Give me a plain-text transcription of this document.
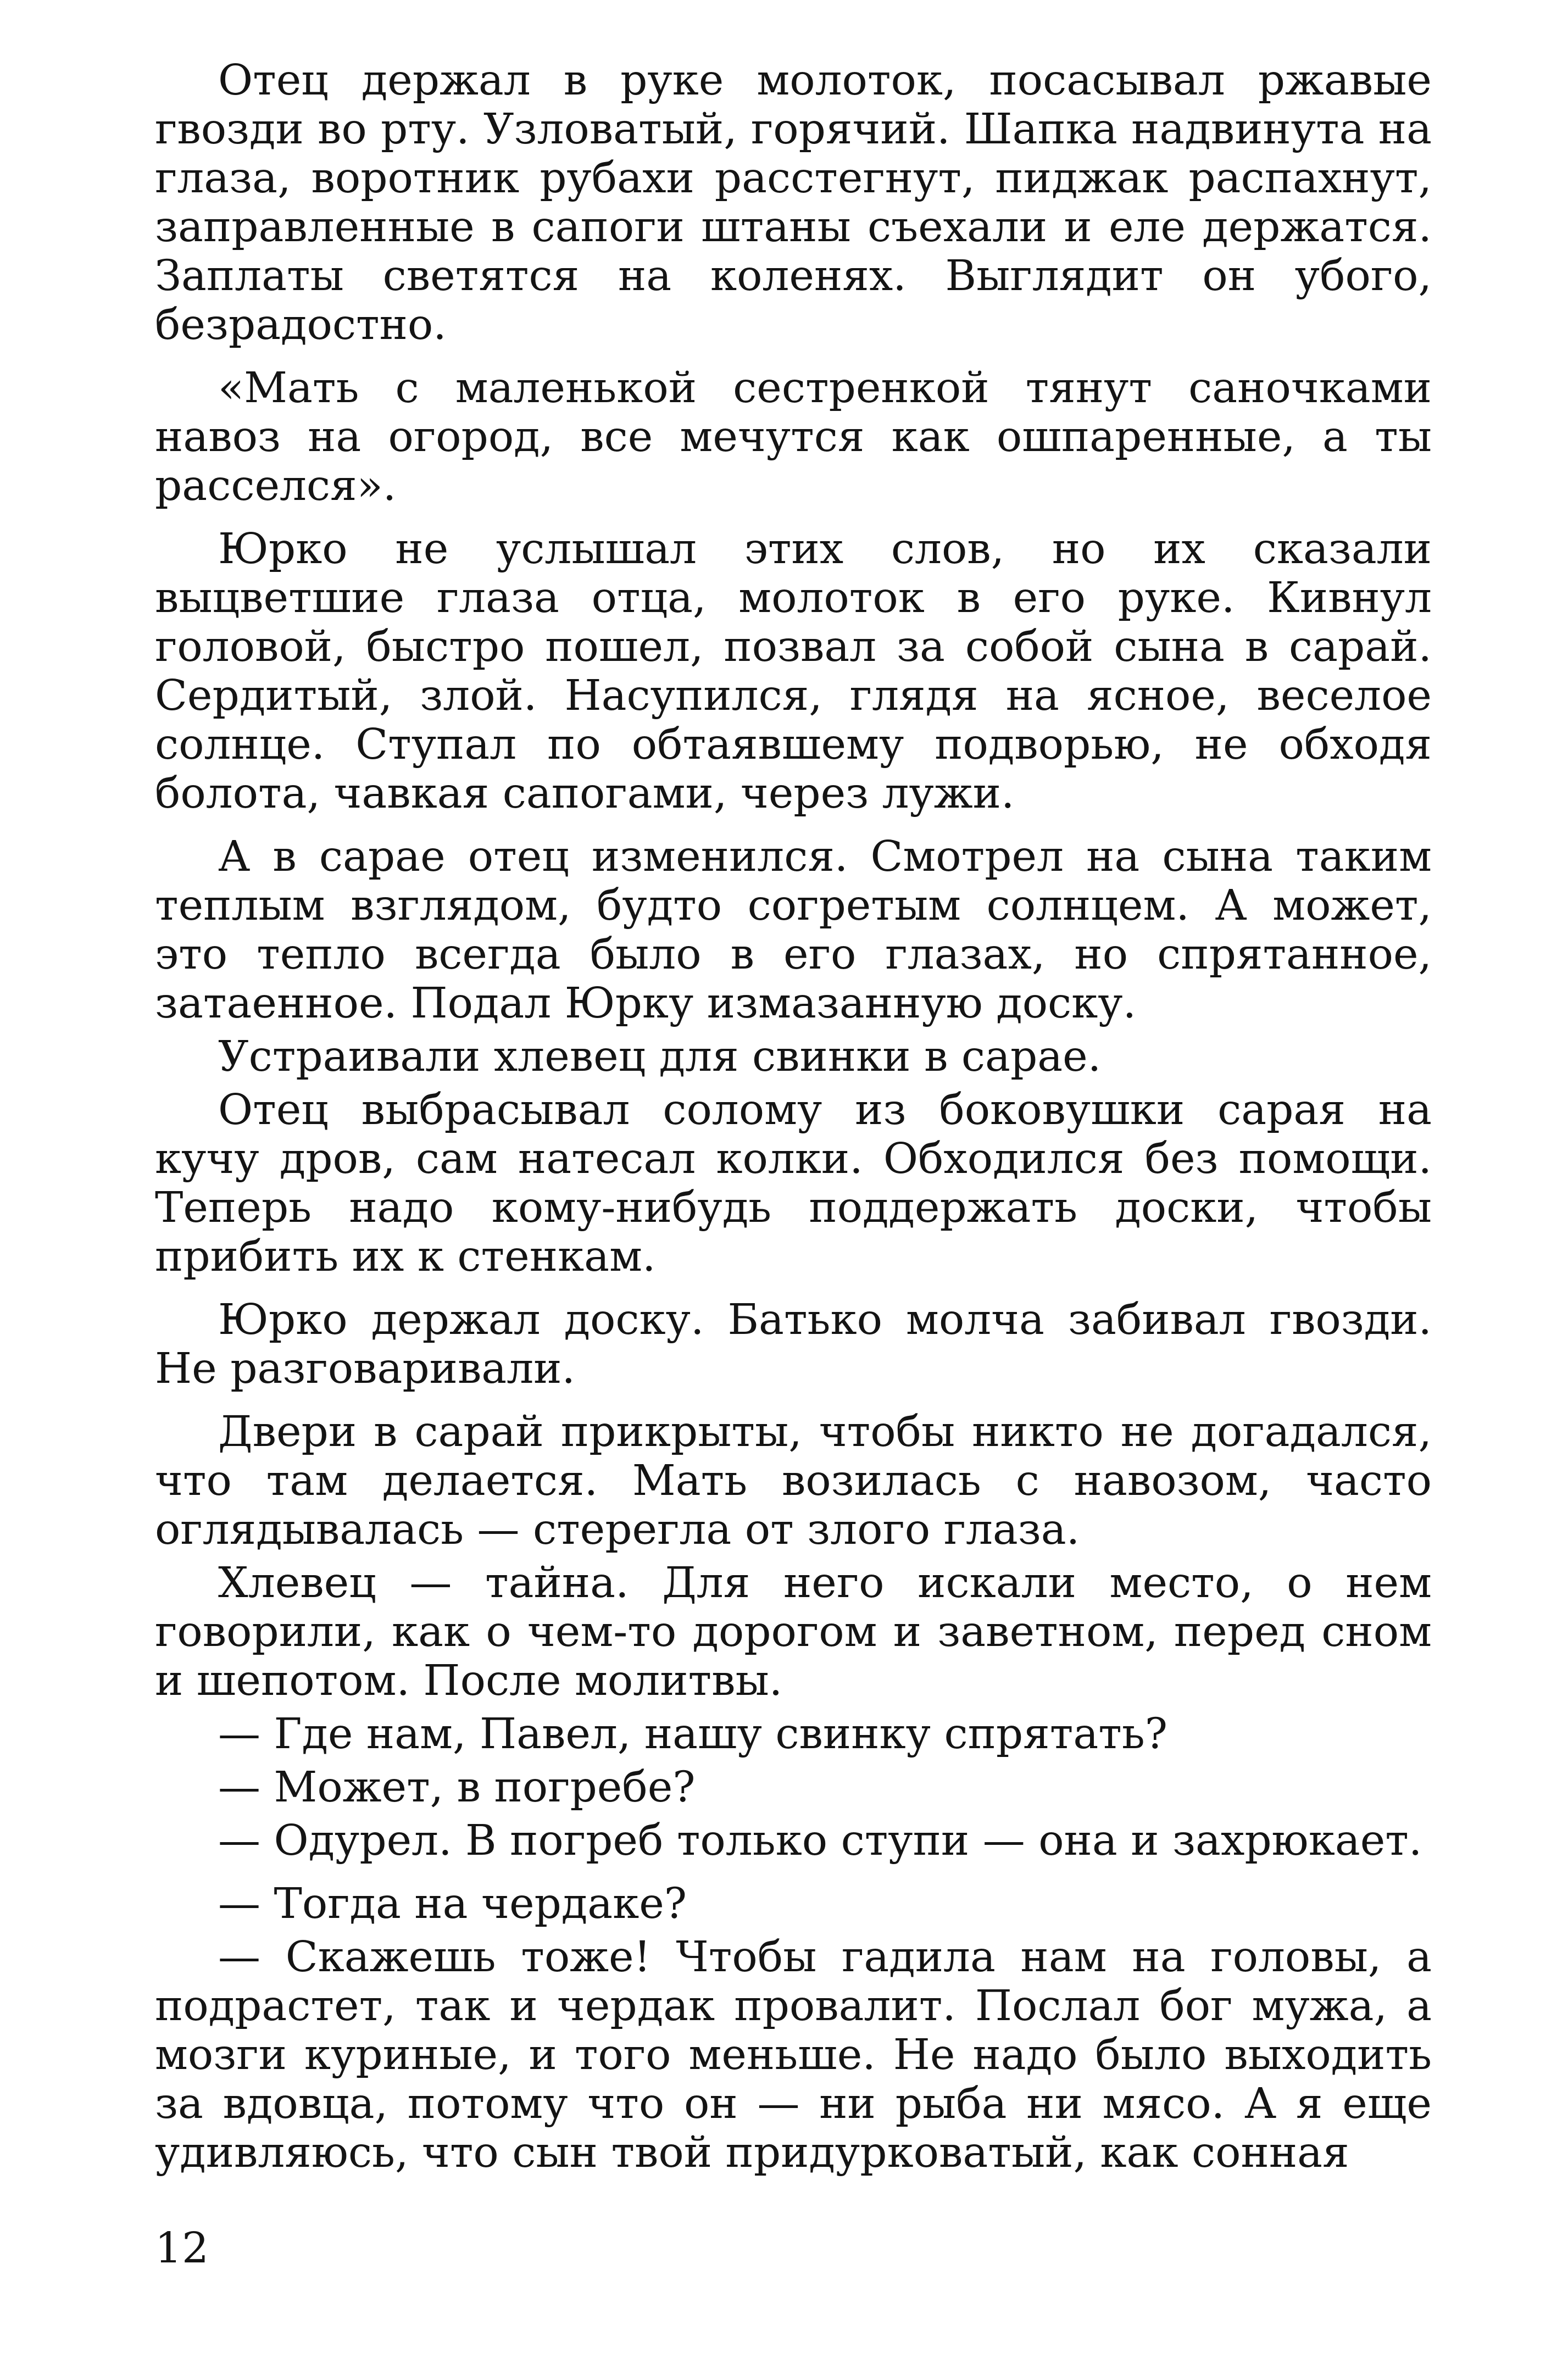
Отец держал в руке молоток, посасывал ржавые гвозди во рту. Узловатый, горячий. Шапка надвинута на глаза, воротник рубахи расстегнут, пиджак распахнут, заправленные в сапоги штаны съехали и еле держатся. Заплаты светятся на коленях. Выглядит он убого, безрадостно.

«Мать с маленькой сестренкой тянут саночками навоз на огород, все мечутся как ошпаренные, а ты расселся».

Юрко не услышал этих слов, но их сказали выцветшие глаза отца, молоток в его руке. Кивнул головой, быстро пошел, позвал за собой сына в сарай. Сердитый, злой. Насупился, глядя на ясное, веселое солнце. Ступал по обтаявшему подворью, не обходя болота, чавкая сапогами, через лужи.

А в сарае отец изменился. Смотрел на сына таким теплым взглядом, будто согретым солнцем. А может, это тепло всегда было в его глазах, но спрятанное, затаенное. Подал Юрку измазанную доску.

Устраивали хлевец для свинки в сарае.

Отец выбрасывал солому из боковушки сарая на кучу дров, сам натесал колки. Обходился без помощи. Теперь надо кому-нибудь поддержать доски, чтобы прибить их к стенкам.

Юрко держал доску. Батько молча забивал гвозди. Не разговаривали.

Двери в сарай прикрыты, чтобы никто не догадался, что там делается. Мать возилась с навозом, часто оглядывалась — стерегла от злого глаза.

Хлевец — тайна. Для него искали место, о нем говорили, как о чем-то дорогом и заветном, перед сном и шепотом. После молитвы.

— Где нам, Павел, нашу свинку спрятать?

— Может, в погребе?

— Одурел. В погреб только ступи — она и захрюкает.

— Тогда на чердаке?

— Скажешь тоже! Чтобы гадила нам на головы, а подрастет, так и чердак провалит. Послал бог мужа, а мозги куриные, и того меньше. Не надо было выходить за вдовца, потому что он — ни рыба ни мясо. А я еще удивляюсь, что сын твой придурковатый, как сонная

12
